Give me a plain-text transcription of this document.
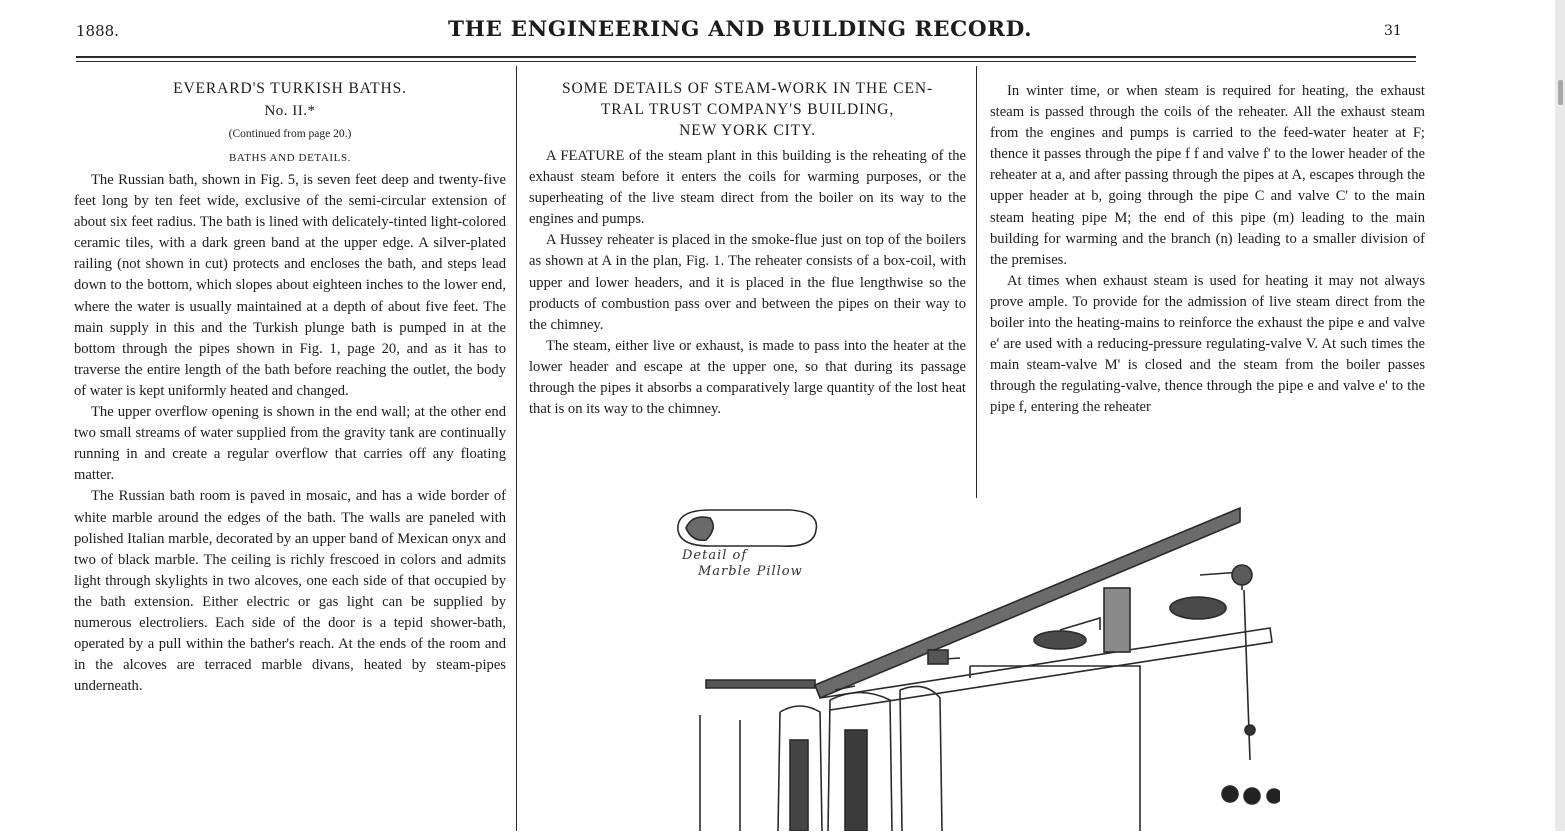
1888.	THE ENGINEERING AND BUILDING RECORD.	31

EVERARD'S TURKISH BATHS.

No. II.*

(Continued from page 20.)

BATHS AND DETAILS.

The Russian bath, shown in Fig. 5, is seven feet deep and twenty-five feet long by ten feet wide, exclusive of the semi-circular extension of about six feet radius. The bath is lined with delicately-tinted light-colored ceramic tiles, with a dark green band at the upper edge. A silver-plated railing (not shown in cut) protects and encloses the bath, and steps lead down to the bottom, which slopes about eighteen inches to the lower end, where the water is usually maintained at a depth of about five feet. The main supply in this and the Turkish plunge bath is pumped in at the bottom through the pipes shown in Fig. 1, page 20, and as it has to traverse the entire length of the bath before reaching the outlet, the body of water is kept uniformly heated and changed.

The upper overflow opening is shown in the end wall; at the other end two small streams of water supplied from the gravity tank are continually running in and create a regular overflow that carries off any floating matter.

The Russian bath room is paved in mosaic, and has a wide border of white marble around the edges of the bath. The walls are paneled with polished Italian marble, decorated by an upper band of Mexican onyx and two of black marble. The ceiling is richly frescoed in colors and admits light through skylights in two alcoves, one each side of that occupied by the bath extension. Either electric or gas light can be supplied by numerous electroliers. Each side of the door is a tepid shower-bath, operated by a pull within the bather's reach. At the ends of the room and in the alcoves are terraced marble divans, heated by steam-pipes underneath.

SOME DETAILS OF STEAM-WORK IN THE CEN-

TRAL TRUST COMPANY'S BUILDING,

NEW YORK CITY.

A FEATURE of the steam plant in this building is the reheating of the exhaust steam before it enters the coils for warming purposes, or the superheating of the live steam direct from the boiler on its way to the engines and pumps.

A Hussey reheater is placed in the smoke-flue just on top of the boilers as shown at A in the plan, Fig. 1. The reheater consists of a box-coil, with upper and lower headers, and it is placed in the flue lengthwise so the products of combustion pass over and between the pipes on their way to the chimney.

The steam, either live or exhaust, is made to pass into the heater at the lower header and escape at the upper one, so that during its passage through the pipes it absorbs a comparatively large quantity of the lost heat that is on its way to the chimney.

In winter time, or when steam is required for heating, the exhaust steam is passed through the coils of the reheater. All the exhaust steam from the engines and pumps is carried to the feed-water heater at F; thence it passes through the pipe f f and valve f' to the lower header of the reheater at a, and after passing through the pipes at A, escapes through the upper header at b, going through the pipe C and valve C' to the main steam heating pipe M; the end of this pipe (m) leading to the main building for warming and the branch (n) leading to a smaller division of the premises.

At times when exhaust steam is used for heating it may not always prove ample. To provide for the admission of live steam direct from the boiler into the heating-mains to reinforce the exhaust the pipe e and valve e' are used with a reducing-pressure regulating-valve V. At such times the main steam-valve M' is closed and the steam from the boiler passes through the regulating-valve, thence through the pipe e and valve e' to the pipe f, entering the reheater

Detail of
Marble Pillow
